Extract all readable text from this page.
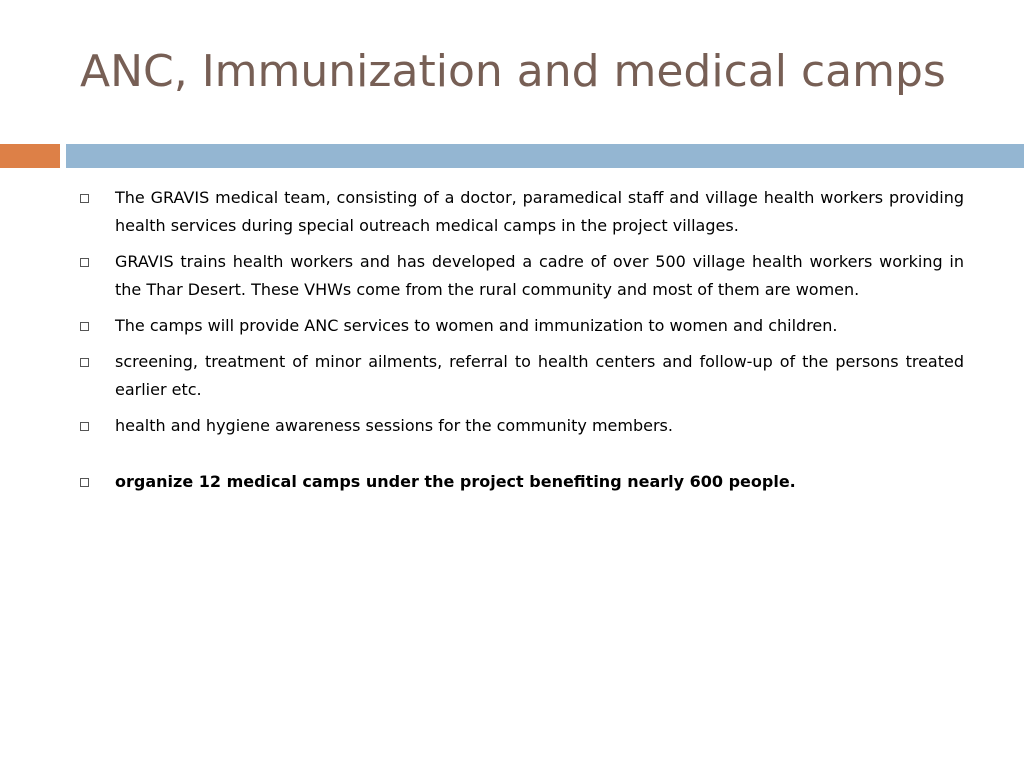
ANC, Immunization and medical camps
The GRAVIS medical team, consisting of a doctor, paramedical staff and village health workers providing health services during special outreach medical camps in the project villages.
GRAVIS trains health workers and has developed a cadre of over 500 village health workers working in the Thar Desert. These VHWs come from the rural community and most of them are women.
The camps will provide ANC services to women and immunization to women and children.
screening, treatment of minor ailments, referral to health centers and follow-up of the persons treated earlier etc.
health and hygiene awareness sessions for the community members.
organize 12 medical camps under the project benefiting nearly 600 people.
